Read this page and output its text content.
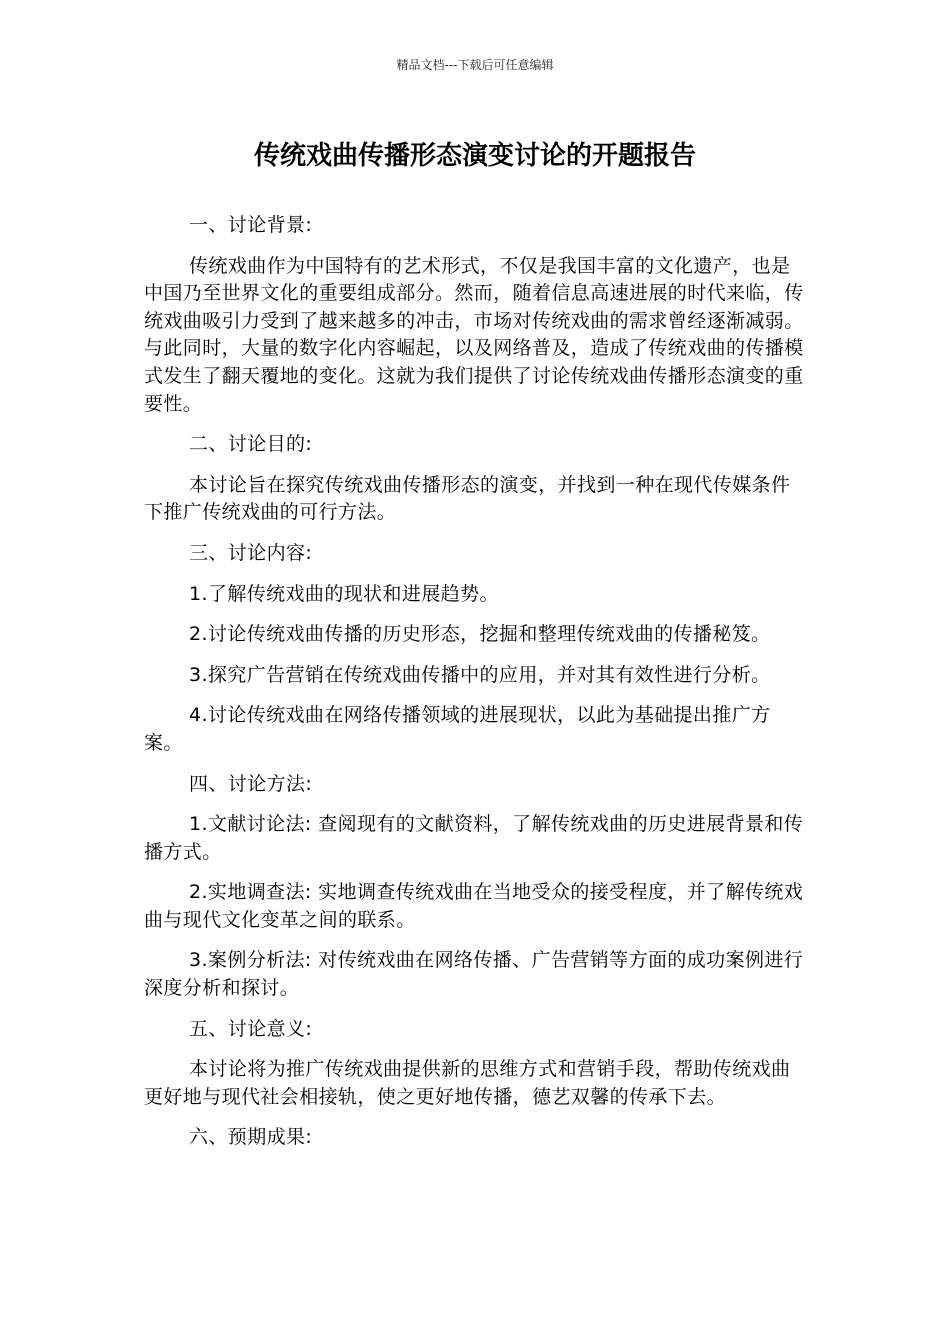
精品文档---下载后可任意编辑
传统戏曲传播形态演变讨论的开题报告

一、讨论背景:

传统戏曲作为中国特有的艺术形式，不仅是我国丰富的文化遗产，也是中国乃至世界文化的重要组成部分。然而，随着信息高速进展的时代来临，传统戏曲吸引力受到了越来越多的冲击，市场对传统戏曲的需求曾经逐渐减弱。与此同时，大量的数字化内容崛起，以及网络普及，造成了传统戏曲的传播模式发生了翻天覆地的变化。这就为我们提供了讨论传统戏曲传播形态演变的重要性。

二、讨论目的:

本讨论旨在探究传统戏曲传播形态的演变，并找到一种在现代传媒条件下推广传统戏曲的可行方法。

三、讨论内容:

1.了解传统戏曲的现状和进展趋势。

2.讨论传统戏曲传播的历史形态，挖掘和整理传统戏曲的传播秘笈。

3.探究广告营销在传统戏曲传播中的应用，并对其有效性进行分析。

4.讨论传统戏曲在网络传播领域的进展现状，以此为基础提出推广方案。

四、讨论方法:

1.文献讨论法: 查阅现有的文献资料，了解传统戏曲的历史进展背景和传播方式。

2.实地调查法: 实地调查传统戏曲在当地受众的接受程度，并了解传统戏曲与现代文化变革之间的联系。

3.案例分析法: 对传统戏曲在网络传播、广告营销等方面的成功案例进行深度分析和探讨。

五、讨论意义:

本讨论将为推广传统戏曲提供新的思维方式和营销手段，帮助传统戏曲更好地与现代社会相接轨，使之更好地传播，德艺双馨的传承下去。

六、预期成果:
